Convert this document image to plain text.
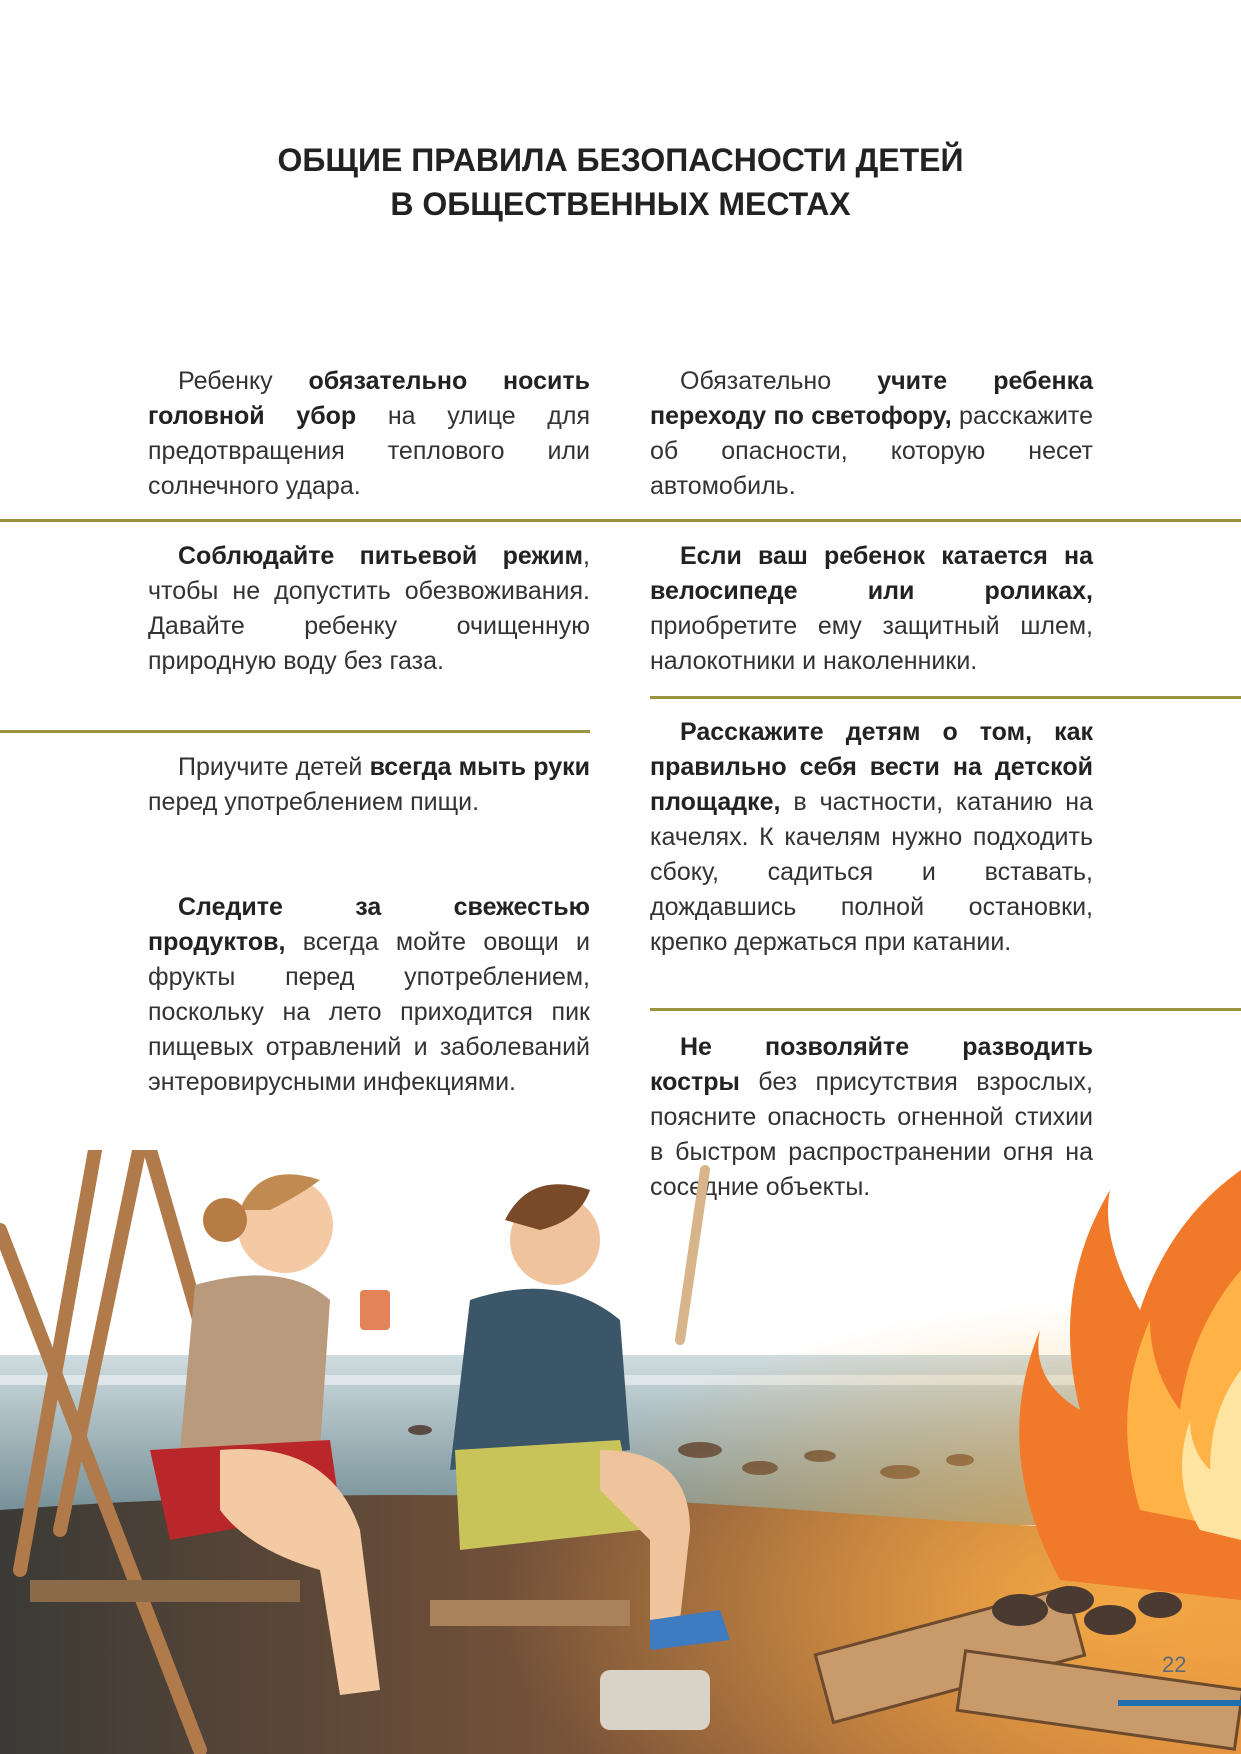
ОБЩИЕ ПРАВИЛА БЕЗОПАСНОСТИ ДЕТЕЙ
В ОБЩЕСТВЕННЫХ МЕСТАХ

Ребенку обязательно носить головной убор на улице для предотвращения теплового или солнечного удара.

Соблюдайте питьевой режим, чтобы не допустить обезвоживания. Давайте ребенку очищенную природную воду без газа.

Приучите детей всегда мыть руки перед употреблением пищи.

Следите за свежестью продуктов, всегда мойте овощи и фрукты перед употреблением, поскольку на лето приходится пик пищевых отравлений и заболеваний энтеровирусными инфекциями.

Обязательно учите ребенка переходу по светофору, расскажите об опасности, которую несет автомобиль.

Если ваш ребенок катается на велосипеде или роликах, приобретите ему защитный шлем, налокотники и наколенники.

Расскажите детям о том, как правильно себя вести на детской площадке, в частности, катанию на качелях. К качелям нужно подходить сбоку, садиться и вставать, дождавшись полной остановки, крепко держаться при катании.

Не позволяйте разводить костры без присутствия взрослых, поясните опасность огненной стихии

22
